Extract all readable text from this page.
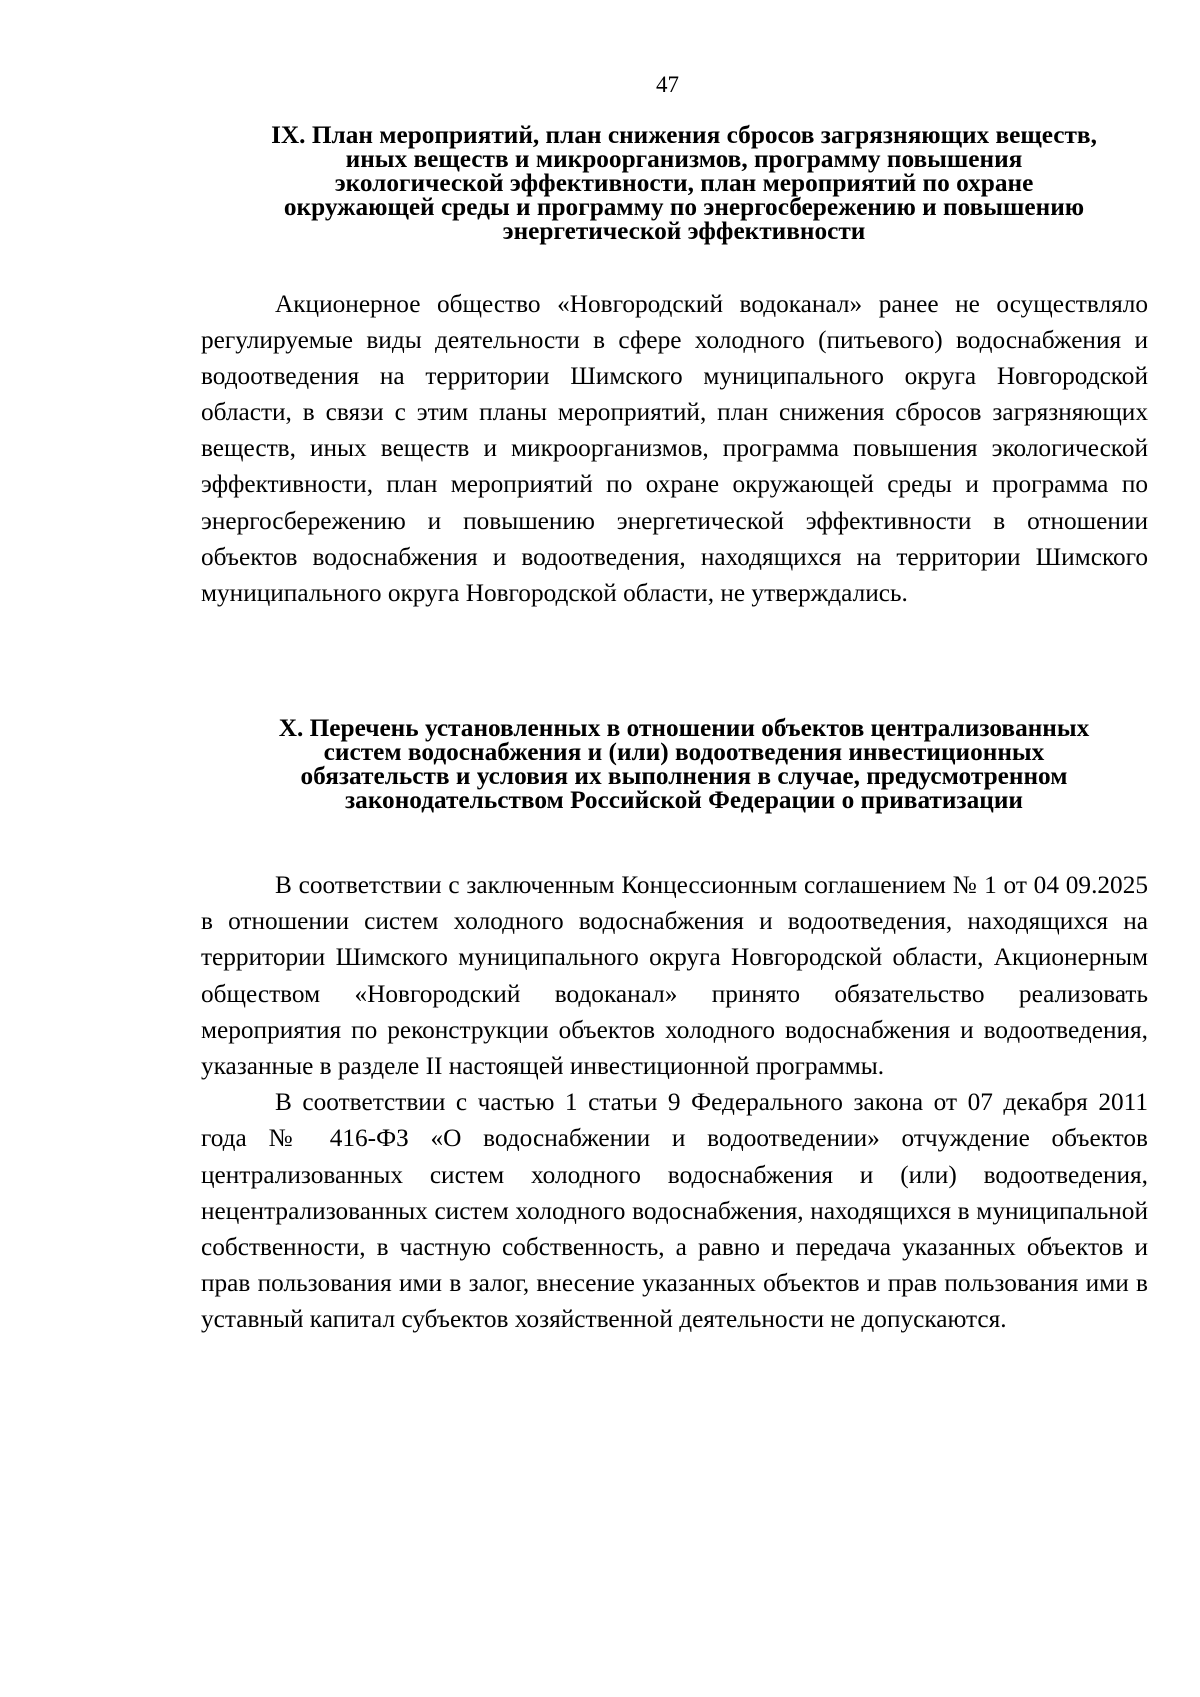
47
IX. План мероприятий, план снижения сбросов загрязняющих веществ,
иных веществ и микроорганизмов, программу повышения
экологической эффективности, план мероприятий по охране
окружающей среды и программу по энергосбережению и повышению
энергетической эффективности

Акционерное общество «Новгородский водоканал» ранее не осуществляло регулируемые виды деятельности в сфере холодного (питьевого) водоснабжения и водоотведения на территории Шимского муниципального округа Новгородской области, в связи с этим планы мероприятий, план снижения сбросов загрязняющих веществ, иных веществ и микроорганизмов, программа повышения экологической эффективности, план мероприятий по охране окружающей среды и программа по энергосбережению и повышению энергетической эффективности в отношении объектов водоснабжения и водоотведения, находящихся на территории Шимского муниципального округа Новгородской области, не утверждались.

X. Перечень установленных в отношении объектов централизованных
систем водоснабжения и (или) водоотведения инвестиционных
обязательств и условия их выполнения в случае, предусмотренном
законодательством Российской Федерации о приватизации

В соответствии с заключенным Концессионным соглашением № 1 от 04 09.2025 в отношении систем холодного водоснабжения и водоотведения, находящихся на территории Шимского муниципального округа Новгородской области, Акционерным обществом «Новгородский водоканал» принято обязательство реализовать мероприятия по реконструкции объектов холодного водоснабжения и водоотведения, указанные в разделе II настоящей инвестиционной программы.

В соответствии с частью 1 статьи 9 Федерального закона от 07 декабря 2011 года № 416-ФЗ «О водоснабжении и водоотведении» отчуждение объектов централизованных систем холодного водоснабжения и (или) водоотведения, нецентрализованных систем холодного водоснабжения, находящихся в муниципальной собственности, в частную собственность, а равно и передача указанных объектов и прав пользования ими в залог, внесение указанных объектов и прав пользования ими в уставный капитал субъектов хозяйственной деятельности не допускаются.
